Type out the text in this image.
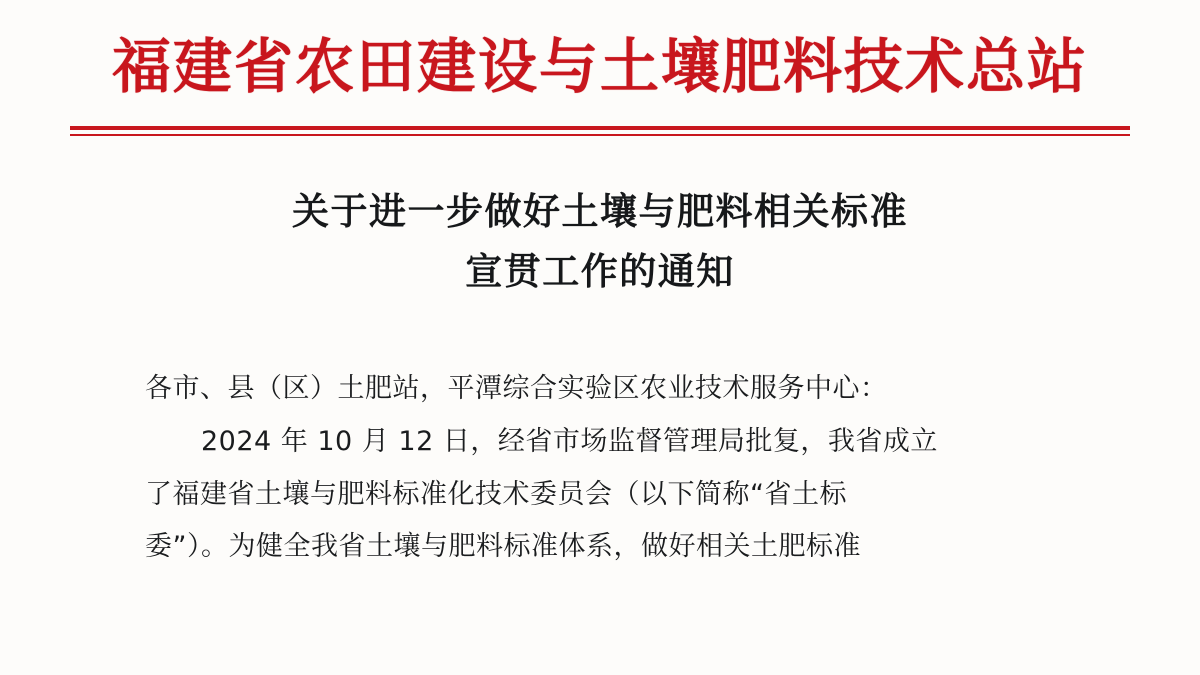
福建省农田建设与土壤肥料技术总站
关于进一步做好土壤与肥料相关标准
宣贯工作的通知

各市、县（区）土肥站，平潭综合实验区农业技术服务中心：

2024 年 10 月 12 日，经省市场监督管理局批复，我省成立

了福建省土壤与肥料标准化技术委员会（以下简称“省土标

委”）。为健全我省土壤与肥料标准体系，做好相关土肥标准
